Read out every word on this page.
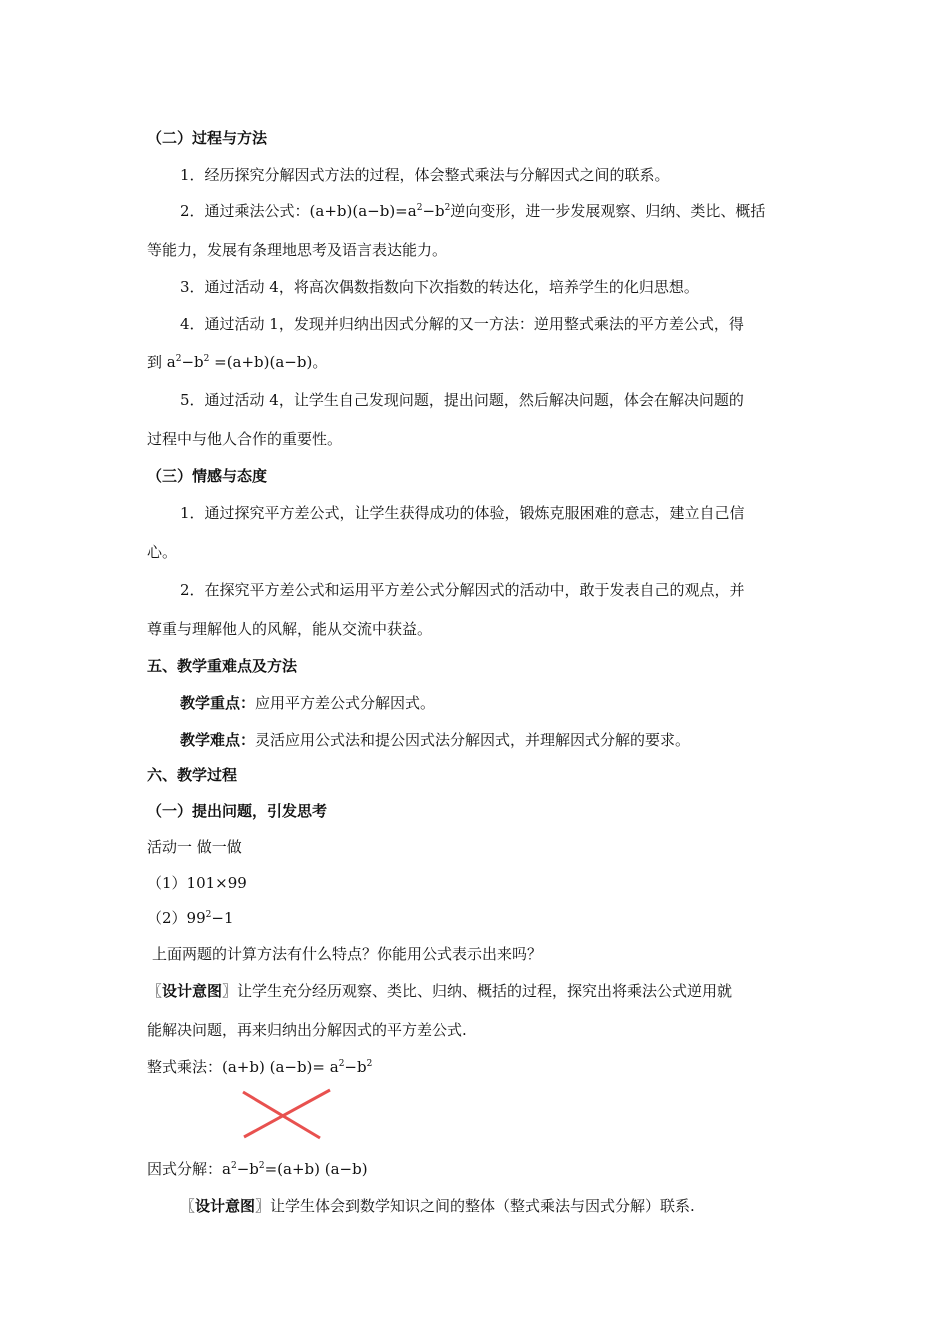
（二）过程与方法
1．经历探究分解因式方法的过程，体会整式乘法与分解因式之间的联系。
2．通过乘法公式：$(a+b)(a-b)=a^2-b^2$逆向变形，进一步发展观察、归纳、类比、概括
等能力，发展有条理地思考及语言表达能力。
3．通过活动 4，将高次偶数指数向下次指数的转达化，培养学生的化归思想。
4．通过活动 1，发现并归纳出因式分解的又一方法：逆用整式乘法的平方差公式，得
到 $a^2-b^2 =(a+b)(a-b)$。
5．通过活动 4，让学生自己发现问题，提出问题，然后解决问题，体会在解决问题的
过程中与他人合作的重要性。
（三）情感与态度
1．通过探究平方差公式，让学生获得成功的体验，锻炼克服困难的意志，建立自己信
心。
2．在探究平方差公式和运用平方差公式分解因式的活动中，敢于发表自己的观点，并
尊重与理解他人的风解，能从交流中获益。
五、教学重难点及方法
教学重点：应用平方差公式分解因式。
教学难点：灵活应用公式法和提公因式法分解因式，并理解因式分解的要求。
六、教学过程
（一）提出问题，引发思考
活动一 做一做
（1）101×99
$(2)99^2-1$
上面两题的计算方法有什么特点？你能用公式表示出来吗？
〖设计意图〗让学生充分经历观察、类比、归纳、概括的过程，探究出将乘法公式逆用就
能解决问题，再来归纳出分解因式的平方差公式.
整式乘法：(a+b) $(a-b)= a^2-b^2$
因式分解：$a^2-b^2=(a+b)$ (a−b)
〖设计意图〗让学生体会到数学知识之间的整体（整式乘法与因式分解）联系.
